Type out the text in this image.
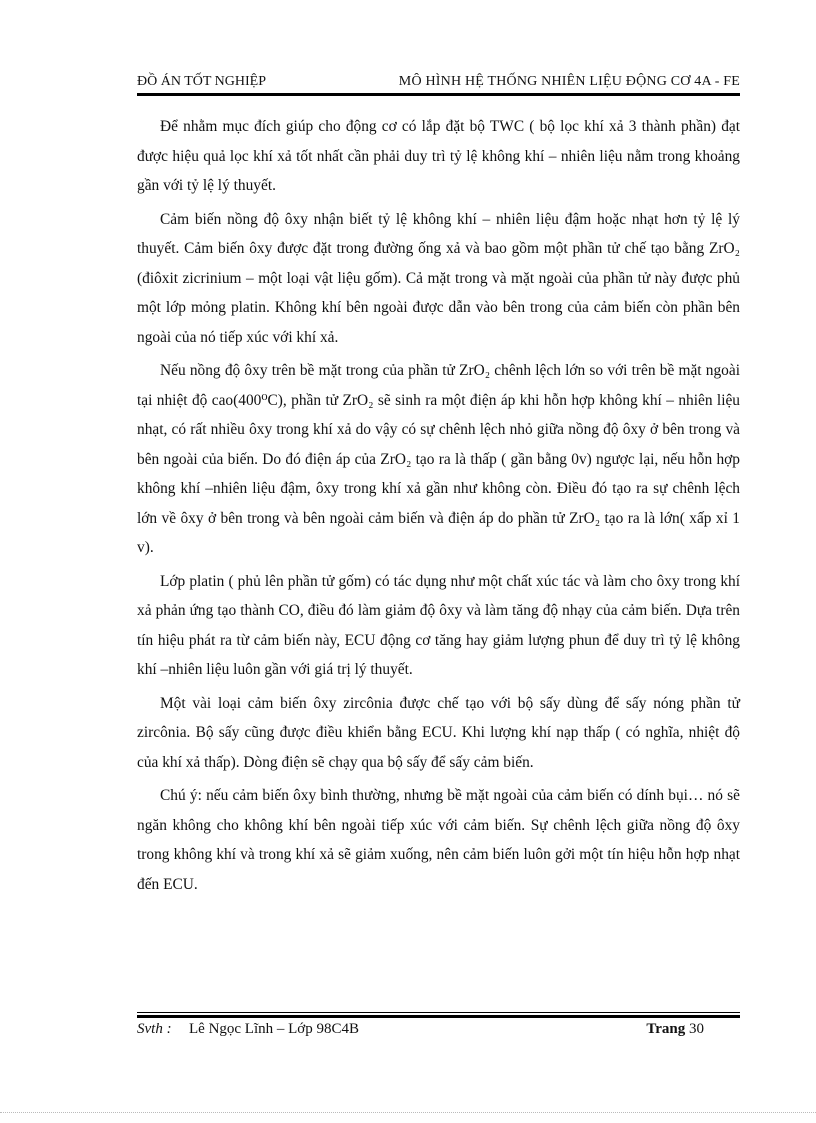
ĐỒ ÁN TỐT NGHIỆP	MÔ HÌNH HỆ THỐNG NHIÊN LIỆU ĐỘNG CƠ 4A - FE

Để nhằm mục đích giúp cho động cơ có lắp đặt bộ TWC ( bộ lọc khí xả 3 thành phần) đạt được hiệu quả lọc khí xả tốt nhất cần phải duy trì tỷ lệ không khí – nhiên liệu nằm trong khoảng gần với tỷ lệ lý thuyết.

Cảm biến nồng độ ôxy nhận biết tỷ lệ không khí – nhiên liệu đậm hoặc nhạt hơn tỷ lệ lý thuyết. Cảm biến ôxy được đặt trong đường ống xả và bao gồm một phần tử chế tạo bằng ZrO₂ (điôxit zicrinium – một loại vật liệu gốm). Cả mặt trong và mặt ngoài của phần tử này được phủ một lớp mỏng platin. Không khí bên ngoài được dẫn vào bên trong của cảm biến còn phần bên ngoài của nó tiếp xúc với khí xả.

Nếu nồng độ ôxy trên bề mặt trong của phần tử ZrO₂ chênh lệch lớn so với trên bề mặt ngoài tại nhiệt độ cao(400⁰C), phần tử ZrO₂ sẽ sinh ra một điện áp khi hỗn hợp không khí – nhiên liệu nhạt, có rất nhiều ôxy trong khí xả do vậy có sự chênh lệch nhỏ giữa nồng độ ôxy ở bên trong và bên ngoài của biến. Do đó điện áp của ZrO₂ tạo ra là thấp ( gần bằng 0v) ngược lại, nếu hỗn hợp không khí –nhiên liệu đậm, ôxy trong khí xả gần như không còn. Điều đó tạo ra sự chênh lệch lớn về ôxy ở bên trong và bên ngoài cảm biến và điện áp do phần tử ZrO₂ tạo ra là lớn( xấp xỉ 1 v).

Lớp platin ( phủ lên phần tử gốm) có tác dụng như một chất xúc tác và làm cho ôxy trong khí xả phản ứng tạo thành CO, điều đó làm giảm độ ôxy và làm tăng độ nhạy của cảm biến. Dựa trên tín hiệu phát ra từ cảm biến này, ECU động cơ tăng hay giảm lượng phun để duy trì tỷ lệ không khí –nhiên liệu luôn gần với giá trị lý thuyết.

Một vài loại cảm biến ôxy zircônia được chế tạo với bộ sấy dùng để sấy nóng phần tử zircônia. Bộ sấy cũng được điều khiển bằng ECU. Khi lượng khí nạp thấp ( có nghĩa, nhiệt độ của khí xả thấp). Dòng điện sẽ chạy qua bộ sấy để sấy cảm biến.

Chú ý: nếu cảm biến ôxy bình thường, nhưng bề mặt ngoài của cảm biến có dính bụi… nó sẽ ngăn không cho không khí bên ngoài tiếp xúc với cảm biến. Sự chênh lệch giữa nồng độ ôxy trong không khí và trong khí xả sẽ giảm xuống, nên cảm biến luôn gởi một tín hiệu hỗn hợp nhạt đến ECU.

Svth : Lê Ngọc Lĩnh – Lớp 98C4B	Trang 30
